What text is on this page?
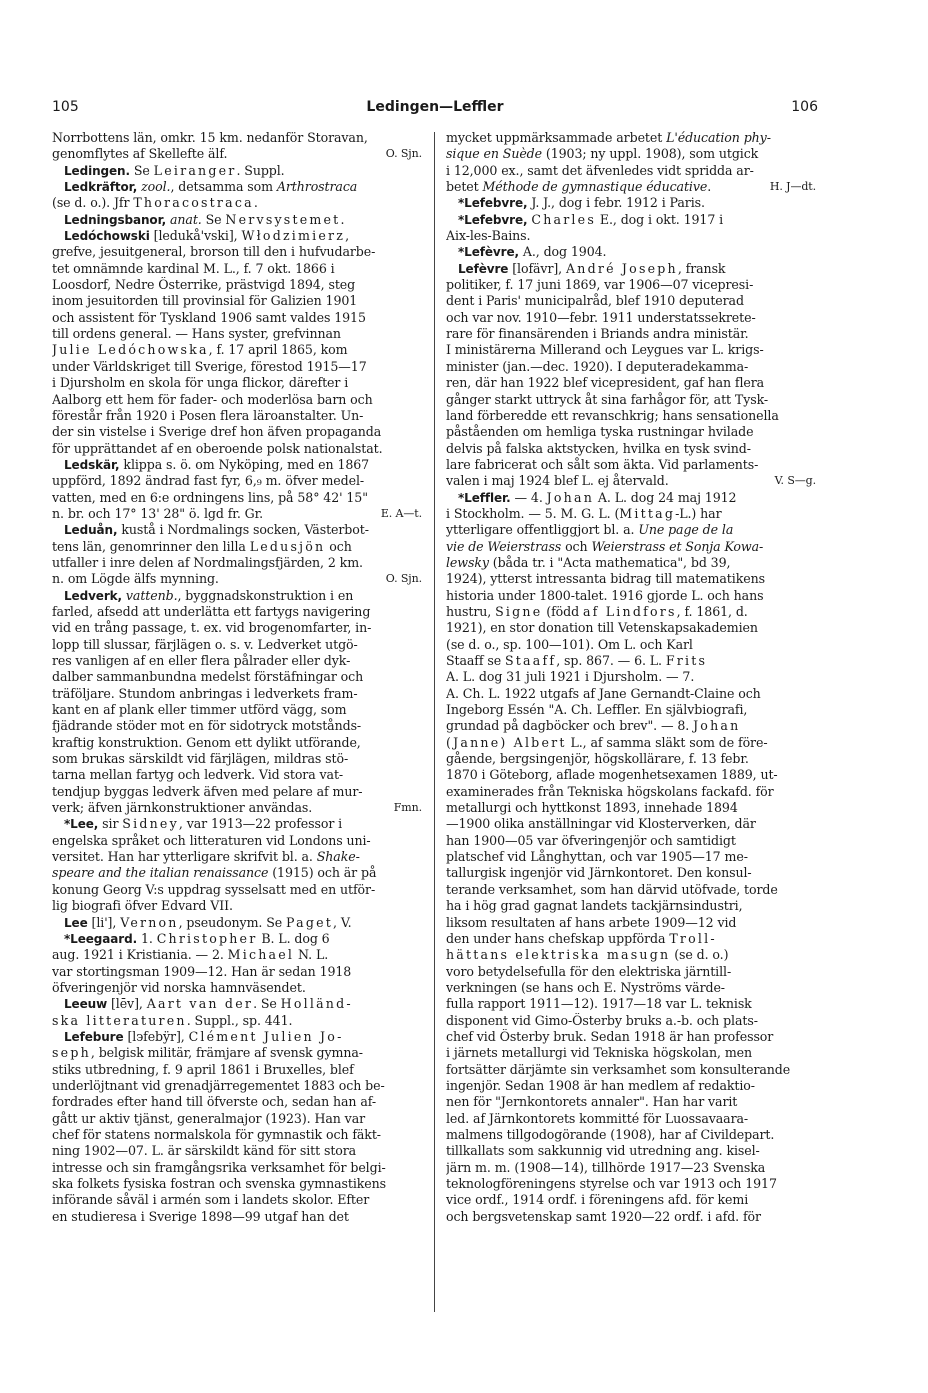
105	Ledingen—Leffler	106
Norrbottens län, omkr. 15 km. nedanför Storavan,
O. Sjn.
genomflytes af Skellefte älf.
Ledingen. Se Leiranger. Suppl.
Ledkräftor, zool., detsamma som Arthrostraca
(se d. o.). Jfr Thoracostraca.
Ledningsbanor, anat. Se Nervsystemet.
Ledóchowski [ledukå'vski], Włodzimierz,
grefve, jesuitgeneral, brorson till den i hufvudarbe-
tet omnämnde kardinal M. L., f. 7 okt. 1866 i
Loosdorf, Nedre Österrike, prästvigd 1894, steg
inom jesuitorden till provinsial för Galizien 1901
och assistent för Tyskland 1906 samt valdes 1915
till ordens general. — Hans syster, grefvinnan
Julie Ledóchowska, f. 17 april 1865, kom
under Världskriget till Sverige, förestod 1915—17
i Djursholm en skola för unga flickor, därefter i
Aalborg ett hem för fader- och moderlösa barn och
förestår från 1920 i Posen flera läroanstalter. Un-
der sin vistelse i Sverige dref hon äfven propaganda
för upprättandet af en oberoende polsk nationalstat.
Ledskär, klippa s. ö. om Nyköping, med en 1867
uppförd, 1892 ändrad fast fyr, 6,₉ m. öfver medel-
vatten, med en 6:e ordningens lins, på 58° 42' 15"
E. A—t.
n. br. och 17° 13' 28" ö. lgd fr. Gr.
Leduån, kustå i Nordmalings socken, Västerbot-
tens län, genomrinner den lilla Ledusjön och
utfaller i inre delen af Nordmalingsfjärden, 2 km.
O. Sjn.
n. om Lögde älfs mynning.
Ledverk, vattenb., byggnadskonstruktion i en
farled, afsedd att underlätta ett fartygs navigering
vid en trång passage, t. ex. vid brogenomfarter, in-
lopp till slussar, färjlägen o. s. v. Ledverket utgö-
res vanligen af en eller flera pålrader eller dyk-
dalber sammanbundna medelst förstäfningar och
träföljare. Stundom anbringas i ledverkets fram-
kant en af plank eller timmer utförd vägg, som
fjädrande stöder mot en för sidotryck motstånds-
kraftig konstruktion. Genom ett dylikt utförande,
som brukas särskildt vid färjlägen, mildras stö-
tarna mellan fartyg och ledverk. Vid stora vat-
tendjup byggas ledverk äfven med pelare af mur-
Fmn.
verk; äfven järnkonstruktioner användas.
*Lee, sir Sidney, var 1913—22 professor i
engelska språket och litteraturen vid Londons uni-
versitet. Han har ytterligare skrifvit bl. a. Shake-
speare and the italian renaissance (1915) och är på
konung Georg V:s uppdrag sysselsatt med en utför-
lig biografi öfver Edvard VII.
Lee [li'], Vernon, pseudonym. Se Paget, V.
*Leegaard. 1. Christopher B. L. dog 6
aug. 1921 i Kristiania. — 2. Michael N. L.
var stortingsman 1909—12. Han är sedan 1918
öfveringenjör vid norska hamnväsendet.
Leeuw [lēv], Aart van der. Se Holländ-
ska litteraturen. Suppl., sp. 441.
Lefebure [lэfebÿr], Clément Julien Jo-
seph, belgisk militär, främjare af svensk gymna-
stiks utbredning, f. 9 april 1861 i Bruxelles, blef
underlöjtnant vid grenadjärregementet 1883 och be-
fordrades efter hand till öfverste och, sedan han af-
gått ur aktiv tjänst, generalmajor (1923). Han var
chef för statens normalskola för gymnastik och fäkt-
ning 1902—07. L. är särskildt känd för sitt stora
intresse och sin framgångsrika verksamhet för belgi-
ska folkets fysiska fostran och svenska gymnastikens
införande såväl i armén som i landets skolor. Efter
en studieresa i Sverige 1898—99 utgaf han det
mycket uppmärksammade arbetet L'éducation phy-
sique en Suède (1903; ny uppl. 1908), som utgick
i 12,000 ex., samt det äfvenledes vidt spridda ar-
H. J—dt.
betet Méthode de gymnastique éducative.
*Lefebvre, J. J., dog i febr. 1912 i Paris.
*Lefebvre, Charles E., dog i okt. 1917 i
Aix-les-Bains.
*Lefèvre, A., dog 1904.
Lefèvre [lofävr], André Joseph, fransk
politiker, f. 17 juni 1869, var 1906—07 vicepresi-
dent i Paris' municipalråd, blef 1910 deputerad
och var nov. 1910—febr. 1911 understatssekrete-
rare för finansärenden i Briands andra ministär.
I ministärerna Millerand och Leygues var L. krigs-
minister (jan.—dec. 1920). I deputeradekamma-
ren, där han 1922 blef vicepresident, gaf han flera
gånger starkt uttryck åt sina farhågor för, att Tysk-
land förberedde ett revanschkrig; hans sensationella
påståenden om hemliga tyska rustningar hvilade
delvis på falska aktstycken, hvilka en tysk svind-
lare fabricerat och sålt som äkta. Vid parlaments-
V. S—g.
valen i maj 1924 blef L. ej återvald.
*Leffler. — 4. Johan A. L. dog 24 maj 1912
i Stockholm. — 5. M. G. L. (Mittag-L.) har
ytterligare offentliggjort bl. a. Une page de la
vie de Weierstrass och Weierstrass et Sonja Kowa-
lewsky (båda tr. i "Acta mathematica", bd 39,
1924), ytterst intressanta bidrag till matematikens
historia under 1800-talet. 1916 gjorde L. och hans
hustru, Signe (född af Lindfors, f. 1861, d.
1921), en stor donation till Vetenskapsakademien
(se d. o., sp. 100—101). Om L. och Karl
Staaff se Staaff, sp. 867. — 6. L. Frits
A. L. dog 31 juli 1921 i Djursholm. — 7.
A. Ch. L. 1922 utgafs af Jane Gernandt-Claine och
Ingeborg Essén "A. Ch. Leffler. En självbiografi,
grundad på dagböcker och brev". — 8. Johan
(Janne) Albert L., af samma släkt som de före-
gående, bergsingenjör, högskollärare, f. 13 febr.
1870 i Göteborg, aflade mogenhetsexamen 1889, ut-
examinerades från Tekniska högskolans fackafd. för
metallurgi och hyttkonst 1893, innehade 1894
—1900 olika anställningar vid Klosterverken, där
han 1900—05 var öfveringenjör och samtidigt
platschef vid Långhyttan, och var 1905—17 me-
tallurgisk ingenjör vid Järnkontoret. Den konsul-
terande verksamhet, som han därvid utöfvade, torde
ha i hög grad gagnat landets tackjärnsindustri,
liksom resultaten af hans arbete 1909—12 vid
den under hans chefskap uppförda Troll-
hättans elektriska masugn (se d. o.)
voro betydelsefulla för den elektriska järntill-
verkningen (se hans och E. Nyströms värde-
fulla rapport 1911—12). 1917—18 var L. teknisk
disponent vid Gimo-Österby bruks a.-b. och plats-
chef vid Österby bruk. Sedan 1918 är han professor
i järnets metallurgi vid Tekniska högskolan, men
fortsätter därjämte sin verksamhet som konsulterande
ingenjör. Sedan 1908 är han medlem af redaktio-
nen för "Jernkontorets annaler". Han har varit
led. af Järnkontorets kommitté för Luossavaara-
malmens tillgodogörande (1908), har af Civildepart.
tillkallats som sakkunnig vid utredning ang. kisel-
järn m. m. (1908—14), tillhörde 1917—23 Svenska
teknologföreningens styrelse och var 1913 och 1917
vice ordf., 1914 ordf. i föreningens afd. för kemi
och bergsvetenskap samt 1920—22 ordf. i afd. för
